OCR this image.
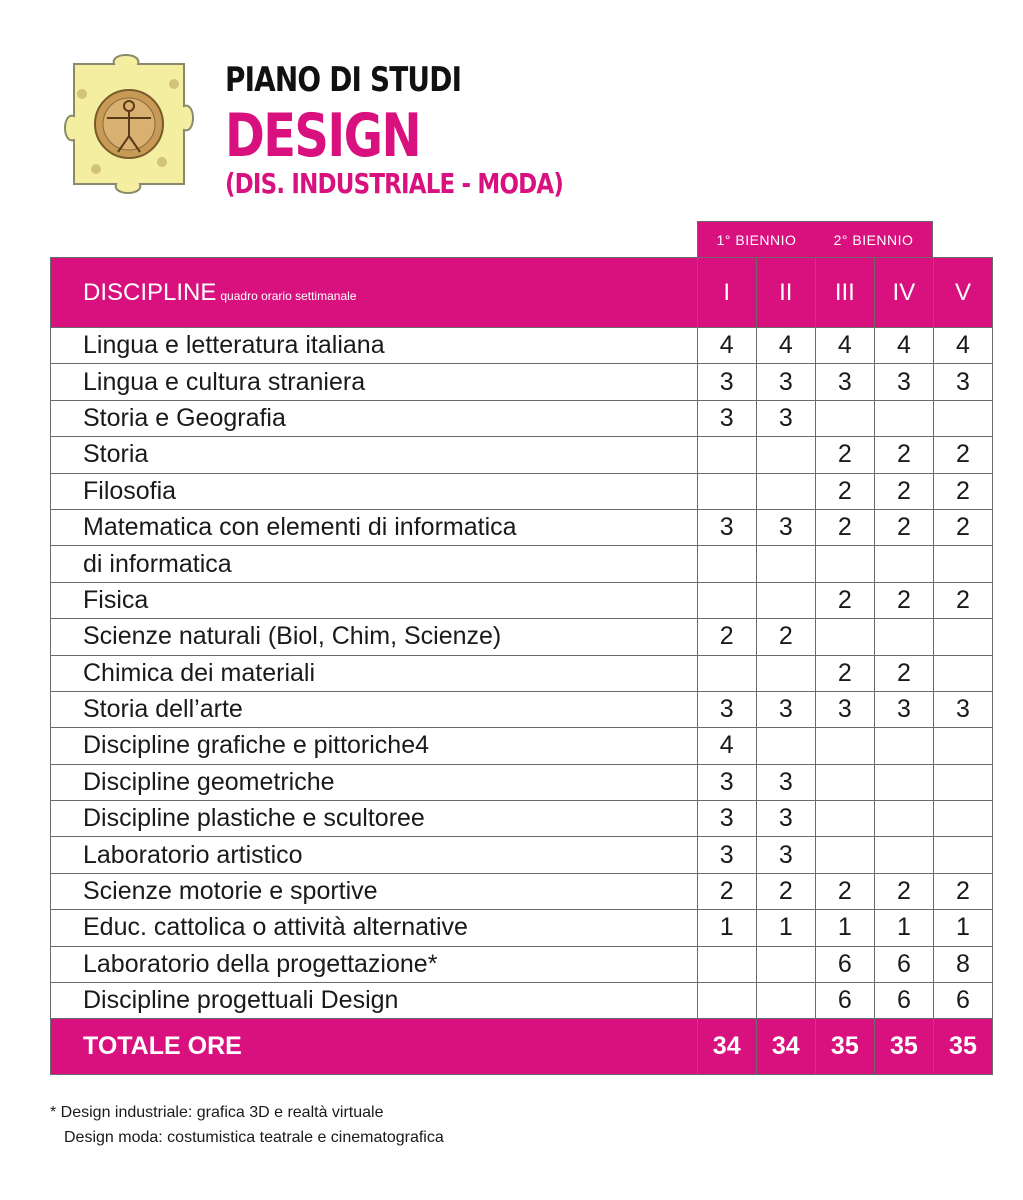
PIANO DI STUDI
DESIGN
(DIS. INDUSTRIALE - MODA)
1° BIENNIO	2° BIENNIO
DISCIPLINE quadro orario settimanale	I	II	III	IV	V
Lingua e letteratura italiana	4	4	4	4	4
Lingua e cultura straniera	3	3	3	3	3
Storia e Geografia	3	3			
Storia			2	2	2
Filosofia			2	2	2
Matematica con elementi di informatica	3	3	2	2	2
di informatica					
Fisica			2	2	2
Scienze naturali (Biol, Chim, Scienze)	2	2			
Chimica dei materiali			2	2	
Storia dell’arte	3	3	3	3	3
Discipline grafiche e pittoriche4	4				
Discipline geometriche	3	3			
Discipline plastiche e scultoree	3	3			
Laboratorio artistico	3	3			
Scienze motorie e sportive	2	2	2	2	2
Educ. cattolica o attività alternative	1	1	1	1	1
Laboratorio della progettazione*			6	6	8
Discipline progettuali Design			6	6	6
TOTALE ORE	34	34	35	35	35
* Design industriale: grafica 3D e realtà virtuale
Design moda: costumistica teatrale e cinematografica
